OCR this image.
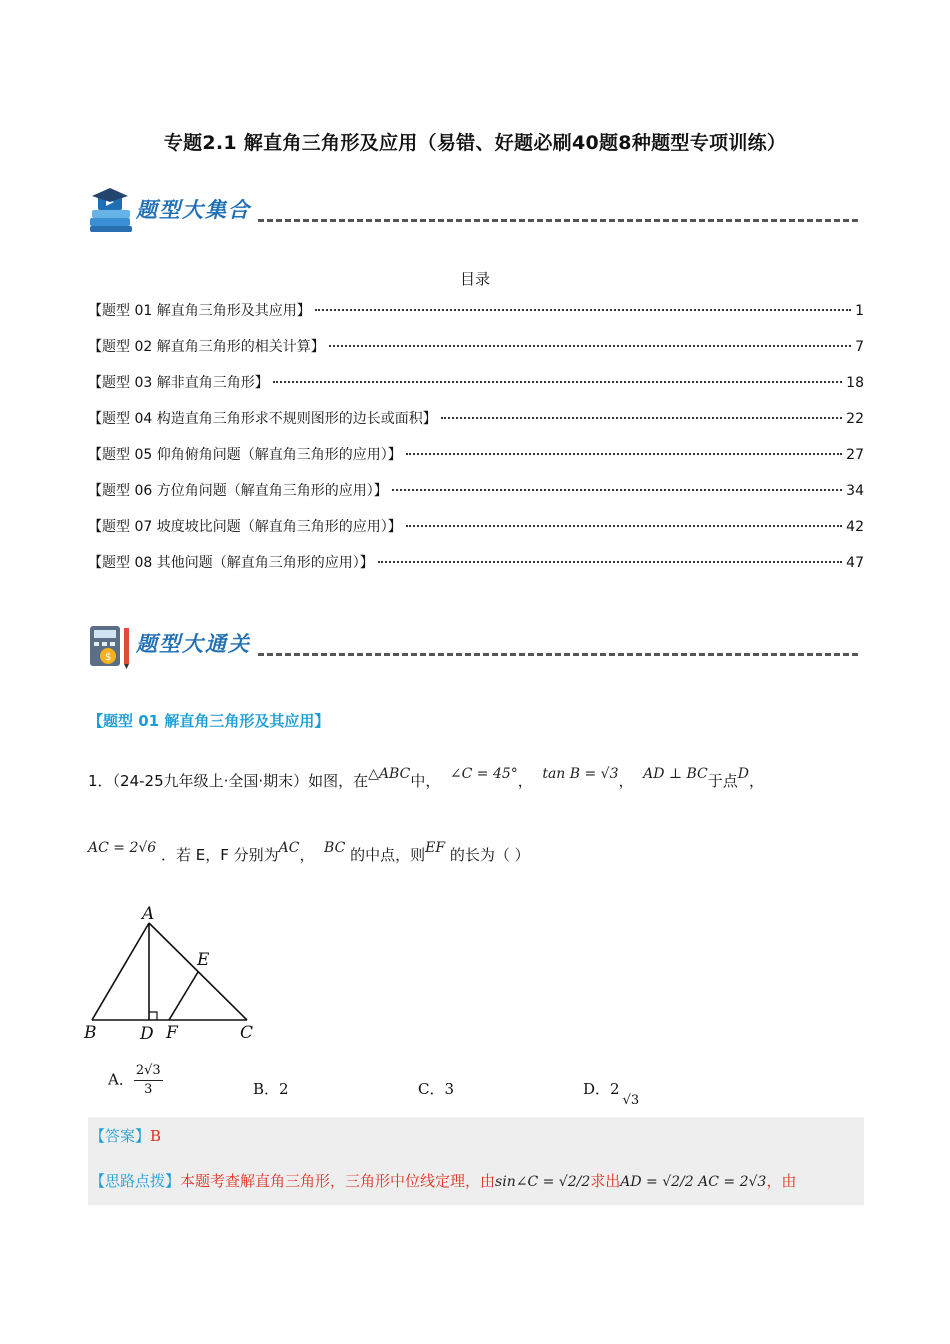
专题2.1 解直角三角形及应用（易错、好题必刷40题8种题型专项训练）
题型大集合
目录
【题型 01 解直角三角形及其应用】	1
【题型 02 解直角三角形的相关计算】	7
【题型 03 解非直角三角形】	18
【题型 04 构造直角三角形求不规则图形的边长或面积】	22
【题型 05 仰角俯角问题（解直角三角形的应用）】	27
【题型 06 方位角问题（解直角三角形的应用）】	34
【题型 07 坡度坡比问题（解直角三角形的应用）】	42
【题型 08 其他问题（解直角三角形的应用）】	47
$
题型大通关
【题型 01 解直角三角形及其应用】
1．（24-25九年级上·全国·期末）如图，在△ABC中， ∠C = 45°， tan B = √3， AD ⊥ BC于点D，
AC = 2√6 ．若 E，F 分别为AC， BC 的中点，则EF 的长为（ ）
A
B	C
D
E
F
A． $\frac{2√3}{3}$	B．2	C．3	D．2√3
【答案】B
【思路点拨】本题考查解直角三角形，三角形中位线定理，由sin∠C = √2/2求出AD = √2/2 AC = 2√3，由
